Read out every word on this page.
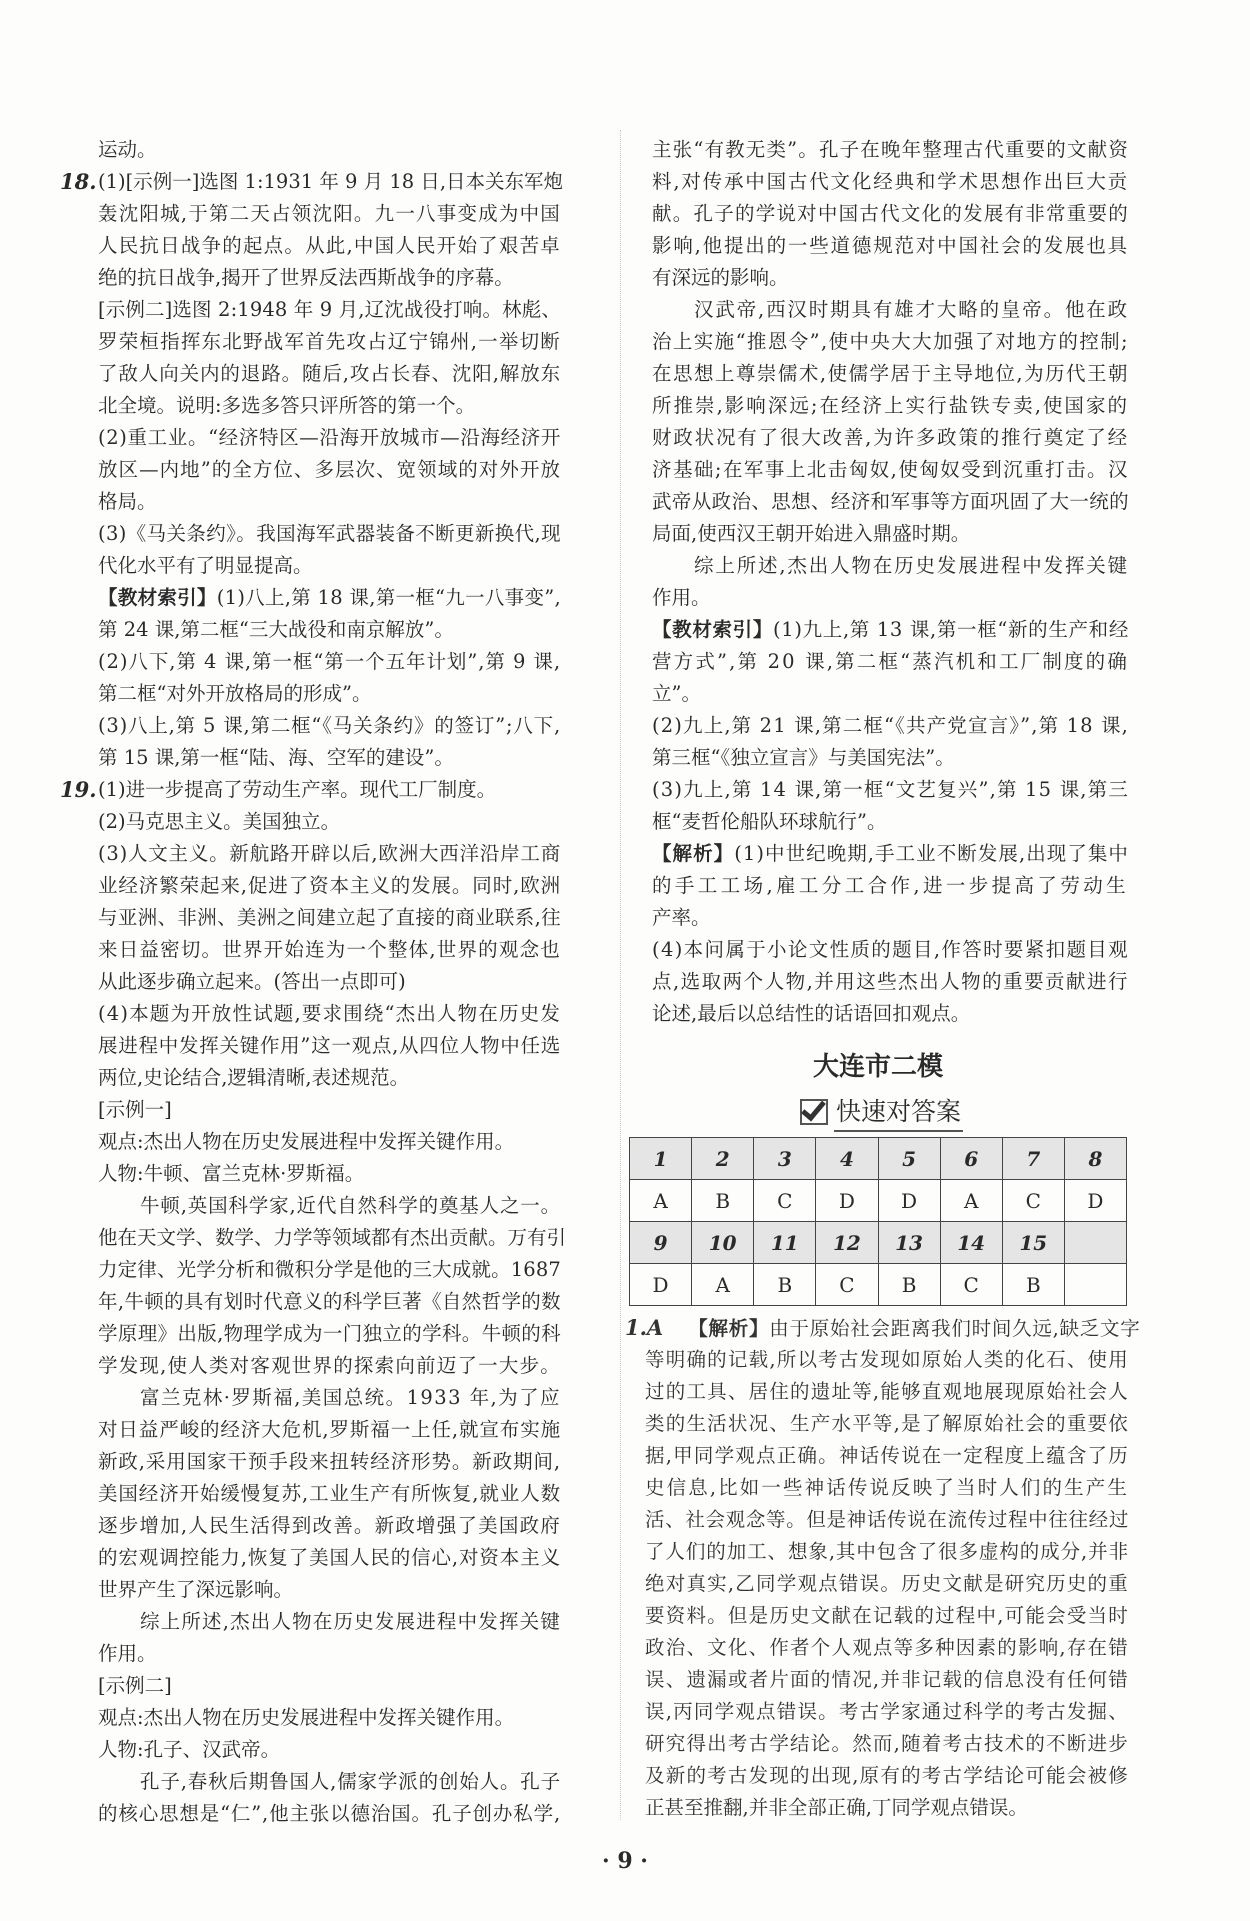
运动。
18. (1)[示例一]选图 1:1931 年 9 月 18 日,日本关东军炮
轰沈阳城,于第二天占领沈阳。九一八事变成为中国
人民抗日战争的起点。从此,中国人民开始了艰苦卓
绝的抗日战争,揭开了世界反法西斯战争的序幕。
[示例二]选图 2:1948 年 9 月,辽沈战役打响。林彪、
罗荣桓指挥东北野战军首先攻占辽宁锦州,一举切断
了敌人向关内的退路。随后,攻占长春、沈阳,解放东
北全境。说明:多选多答只评所答的第一个。
(2)重工业。“经济特区—沿海开放城市—沿海经济开
放区—内地”的全方位、多层次、宽领域的对外开放
格局。
(3)《马关条约》。我国海军武器装备不断更新换代,现
代化水平有了明显提高。
【教材索引】(1)八上,第 18 课,第一框“九一八事变”,
第 24 课,第二框“三大战役和南京解放”。
(2)八下,第 4 课,第一框“第一个五年计划”,第 9 课,
第二框“对外开放格局的形成”。
(3)八上,第 5 课,第二框“《马关条约》的签订”;八下,
第 15 课,第一框“陆、海、空军的建设”。
19. (1)进一步提高了劳动生产率。现代工厂制度。
(2)马克思主义。美国独立。
(3)人文主义。新航路开辟以后,欧洲大西洋沿岸工商
业经济繁荣起来,促进了资本主义的发展。同时,欧洲
与亚洲、非洲、美洲之间建立起了直接的商业联系,往
来日益密切。世界开始连为一个整体,世界的观念也
从此逐步确立起来。(答出一点即可)
(4)本题为开放性试题,要求围绕“杰出人物在历史发
展进程中发挥关键作用”这一观点,从四位人物中任选
两位,史论结合,逻辑清晰,表述规范。
[示例一]
观点:杰出人物在历史发展进程中发挥关键作用。
人物:牛顿、富兰克林·罗斯福。
牛顿,英国科学家,近代自然科学的奠基人之一。
他在天文学、数学、力学等领域都有杰出贡献。万有引
力定律、光学分析和微积分学是他的三大成就。1687
年,牛顿的具有划时代意义的科学巨著《自然哲学的数
学原理》出版,物理学成为一门独立的学科。牛顿的科
学发现,使人类对客观世界的探索向前迈了一大步。
富兰克林·罗斯福,美国总统。1933 年,为了应
对日益严峻的经济大危机,罗斯福一上任,就宣布实施
新政,采用国家干预手段来扭转经济形势。新政期间,
美国经济开始缓慢复苏,工业生产有所恢复,就业人数
逐步增加,人民生活得到改善。新政增强了美国政府
的宏观调控能力,恢复了美国人民的信心,对资本主义
世界产生了深远影响。
综上所述,杰出人物在历史发展进程中发挥关键
作用。
[示例二]
观点:杰出人物在历史发展进程中发挥关键作用。
人物:孔子、汉武帝。
孔子,春秋后期鲁国人,儒家学派的创始人。孔子
的核心思想是“仁”,他主张以德治国。孔子创办私学,
主张“有教无类”。孔子在晚年整理古代重要的文献资
料,对传承中国古代文化经典和学术思想作出巨大贡
献。孔子的学说对中国古代文化的发展有非常重要的
影响,他提出的一些道德规范对中国社会的发展也具
有深远的影响。
汉武帝,西汉时期具有雄才大略的皇帝。他在政
治上实施“推恩令”,使中央大大加强了对地方的控制;
在思想上尊崇儒术,使儒学居于主导地位,为历代王朝
所推崇,影响深远;在经济上实行盐铁专卖,使国家的
财政状况有了很大改善,为许多政策的推行奠定了经
济基础;在军事上北击匈奴,使匈奴受到沉重打击。汉
武帝从政治、思想、经济和军事等方面巩固了大一统的
局面,使西汉王朝开始进入鼎盛时期。
综上所述,杰出人物在历史发展进程中发挥关键
作用。
【教材索引】(1)九上,第 13 课,第一框“新的生产和经
营方式”,第 20 课,第二框“蒸汽机和工厂制度的确
立”。
(2)九上,第 21 课,第二框“《共产党宣言》”,第 18 课,
第三框“《独立宣言》与美国宪法”。
(3)九上,第 14 课,第一框“文艺复兴”,第 15 课,第三
框“麦哲伦船队环球航行”。
【解析】(1)中世纪晚期,手工业不断发展,出现了集中
的手工工场,雇工分工合作,进一步提高了劳动生
产率。
(4)本问属于小论文性质的题目,作答时要紧扣题目观
点,选取两个人物,并用这些杰出人物的重要贡献进行
论述,最后以总结性的话语回扣观点。
大连市二模
快速对答案
1	2	3	4	5	6	7	8
A	B	C	D	D	A	C	D
9	10	11	12	13	14	15	
D	A	B	C	B	C	B	
1.A  【解析】由于原始社会距离我们时间久远,缺乏文字
等明确的记载,所以考古发现如原始人类的化石、使用
过的工具、居住的遗址等,能够直观地展现原始社会人
类的生活状况、生产水平等,是了解原始社会的重要依
据,甲同学观点正确。神话传说在一定程度上蕴含了历
史信息,比如一些神话传说反映了当时人们的生产生
活、社会观念等。但是神话传说在流传过程中往往经过
了人们的加工、想象,其中包含了很多虚构的成分,并非
绝对真实,乙同学观点错误。历史文献是研究历史的重
要资料。但是历史文献在记载的过程中,可能会受当时
政治、文化、作者个人观点等多种因素的影响,存在错
误、遗漏或者片面的情况,并非记载的信息没有任何错
误,丙同学观点错误。考古学家通过科学的考古发掘、
研究得出考古学结论。然而,随着考古技术的不断进步
及新的考古发现的出现,原有的考古学结论可能会被修
正甚至推翻,并非全部正确,丁同学观点错误。
· 9 ·
